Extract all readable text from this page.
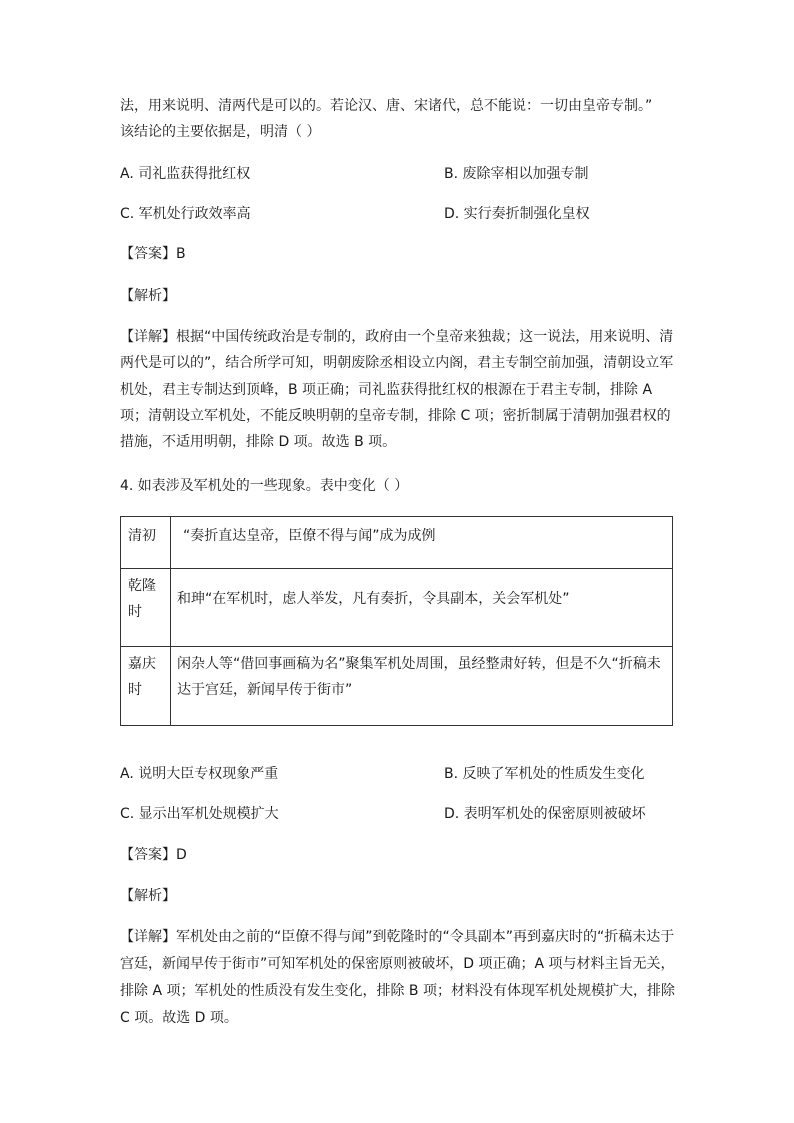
法，用来说明、清两代是可以的。若论汉、唐、宋诸代，总不能说：一切由皇帝专制。”
该结论的主要依据是，明清（ ）
A. 司礼监获得批红权	B. 废除宰相以加强专制
C. 军机处行政效率高	D. 实行奏折制强化皇权
【答案】B
【解析】
【详解】根据“中国传统政治是专制的，政府由一个皇帝来独裁；这一说法，用来说明、清
两代是可以的”，结合所学可知，明朝废除丞相设立内阁，君主专制空前加强，清朝设立军
机处，君主专制达到顶峰，B 项正确；司礼监获得批红权的根源在于君主专制，排除 A
项；清朝设立军机处，不能反映明朝的皇帝专制，排除 C 项；密折制属于清朝加强君权的
措施，不适用明朝，排除 D 项。故选 B 项。
4. 如表涉及军机处的一些现象。表中变化（ ）
清初	“奏折直达皇帝，臣僚不得与闻”成为成例

乾隆时	和珅“在军机时，虑人举发，凡有奏折，令具副本，关会军机处”

嘉庆时	闲杂人等“借回事画稿为名”聚集军机处周围，虽经整肃好转，但是不久“折稿未达于宫廷，新闻早传于街市”
A. 说明大臣专权现象严重	B. 反映了军机处的性质发生变化
C. 显示出军机处规模扩大	D. 表明军机处的保密原则被破坏
【答案】D
【解析】
【详解】军机处由之前的“臣僚不得与闻”到乾隆时的“令具副本”再到嘉庆时的“折稿未达于
宫廷，新闻早传于街市”可知军机处的保密原则被破坏，D 项正确；A 项与材料主旨无关，
排除 A 项；军机处的性质没有发生变化，排除 B 项；材料没有体现军机处规模扩大，排除
C 项。故选 D 项。
